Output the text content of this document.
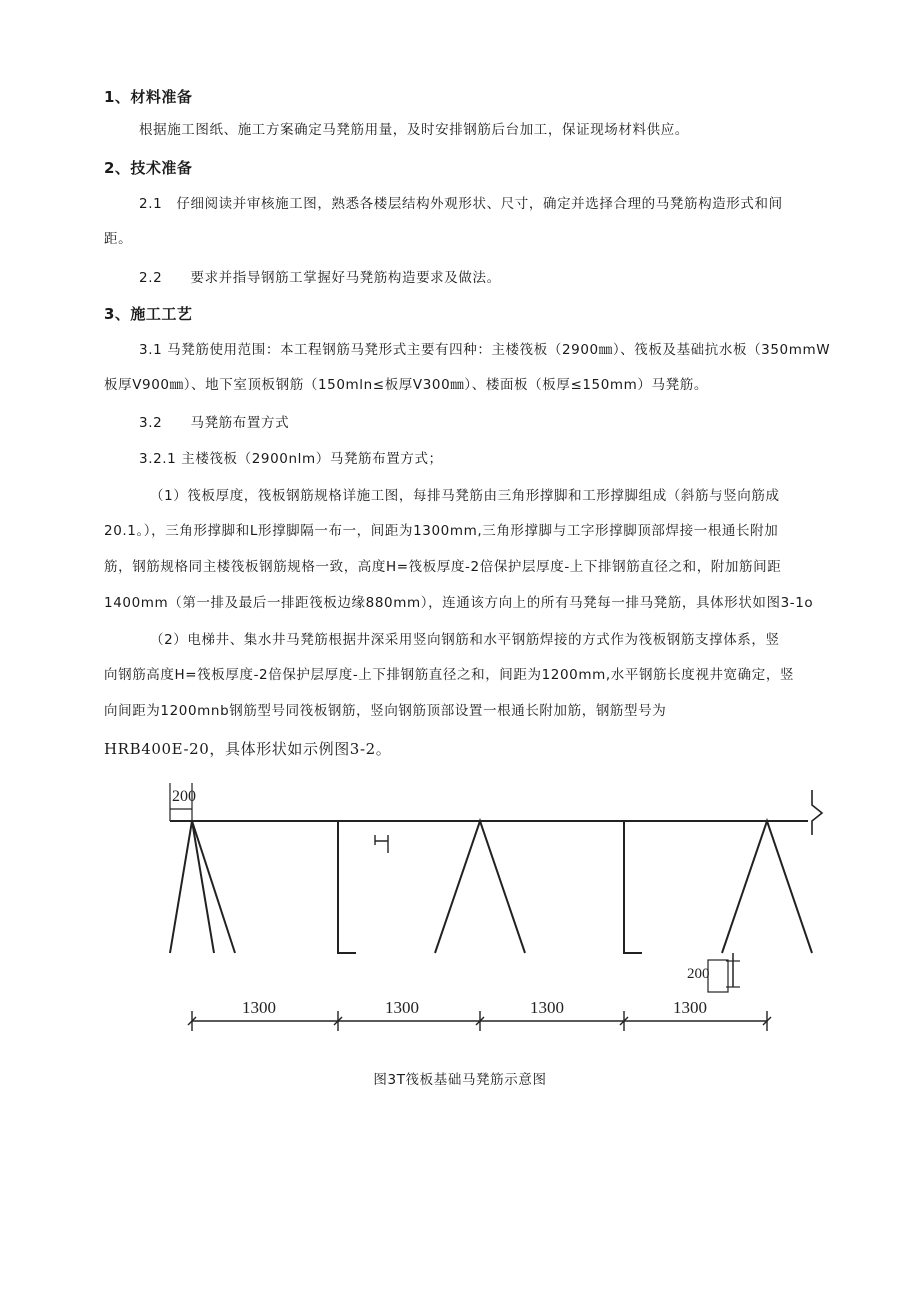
1、材料准备
根据施工图纸、施工方案确定马凳筋用量，及时安排钢筋后台加工，保证现场材料供应。
2、技术准备
2.1　仔细阅读并审核施工图，熟悉各楼层结构外观形状、尺寸，确定并选择合理的马凳筋构造形式和间
距。
2.2　　要求并指导钢筋工掌握好马凳筋构造要求及做法。
3、施工工艺
3.1 马凳筋使用范围：本工程钢筋马凳形式主要有四种：主楼筏板（2900㎜）、筏板及基础抗水板（350mmW
板厚V900㎜）、地下室顶板钢筋（150mln≤板厚V300㎜）、楼面板（板厚≤150mm）马凳筋。
3.2　　马凳筋布置方式
3.2.1 主楼筏板（2900nlm）马凳筋布置方式；
（1）筏板厚度，筏板钢筋规格详施工图，每排马凳筋由三角形撑脚和工形撑脚组成（斜筋与竖向筋成
20.1。），三角形撑脚和L形撑脚隔一布一，间距为1300mm,三角形撑脚与工字形撑脚顶部焊接一根通长附加
筋，钢筋规格同主楼筏板钢筋规格一致，高度H=筏板厚度-2倍保护层厚度-上下排钢筋直径之和，附加筋间距
1400mm（第一排及最后一排距筏板边缘880mm），连通该方向上的所有马凳每一排马凳筋，具体形状如图3-1o
（2）电梯井、集水井马凳筋根据井深采用竖向钢筋和水平钢筋焊接的方式作为筏板钢筋支撑体系，竖
向钢筋高度H=筏板厚度-2倍保护层厚度-上下排钢筋直径之和，间距为1200mm,水平钢筋长度视井宽确定，竖
向间距为1200mnb钢筋型号同筏板钢筋，竖向钢筋顶部设置一根通长附加筋，钢筋型号为
HRB400E-20，具体形状如示例图3-2。
200
200
1300	1300	1300	1300
H
图3T筏板基础马凳筋示意图
